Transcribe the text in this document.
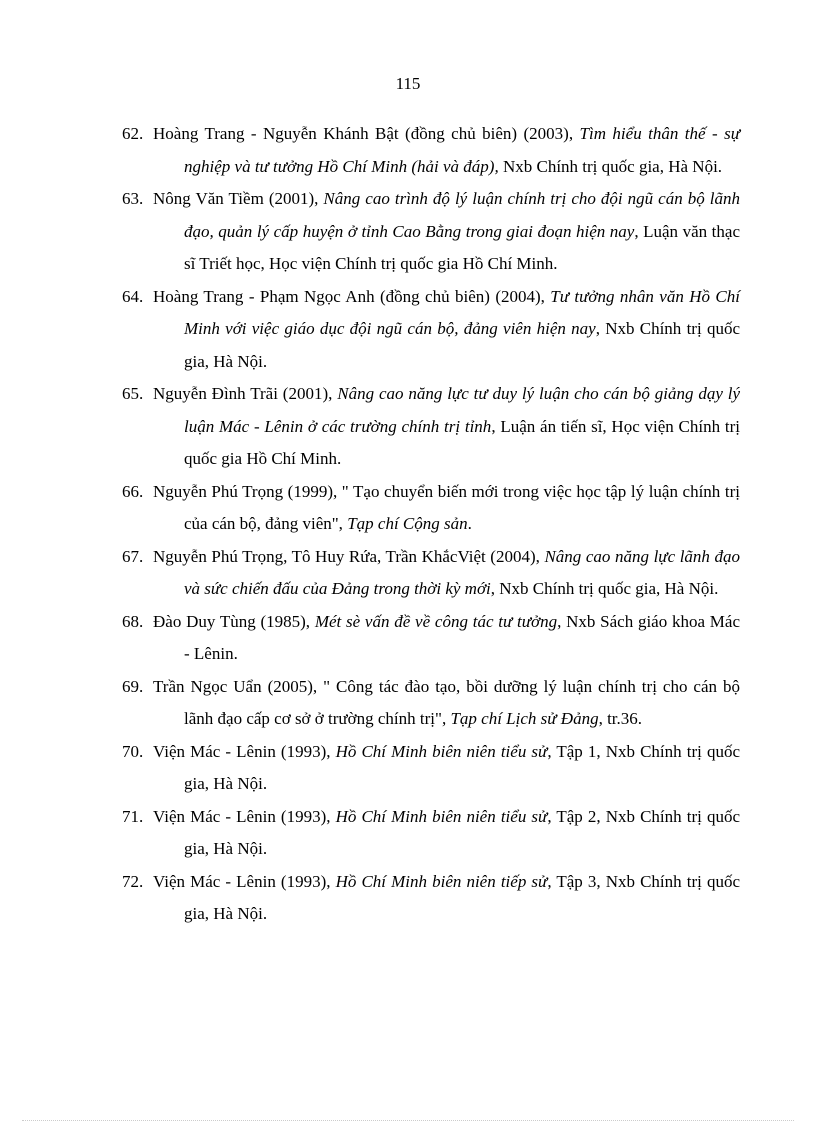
115
62. Hoàng Trang - Nguyễn Khánh Bật (đồng chủ biên) (2003), Tìm hiểu thân thế - sự nghiệp và tư tưởng Hồ Chí Minh (hải và đáp), Nxb Chính trị quốc gia, Hà Nội.
63. Nông Văn Tiềm (2001), Nâng cao trình độ lý luận chính trị cho đội ngũ cán bộ lãnh đạo, quản lý cấp huyện ở tỉnh Cao Bằng trong giai đoạn hiện nay, Luận văn thạc sĩ Triết học, Học viện Chính trị quốc gia Hồ Chí Minh.
64. Hoàng Trang - Phạm Ngọc Anh (đồng chủ biên) (2004), Tư tưởng nhân văn Hồ Chí Minh với việc giáo dục đội ngũ cán bộ, đảng viên hiện nay, Nxb Chính trị quốc gia, Hà Nội.
65. Nguyễn Đình Trãi (2001), Nâng cao năng lực tư duy lý luận cho cán bộ giảng dạy lý luận Mác - Lênin ở các trường chính trị tỉnh, Luận án tiến sĩ, Học viện Chính trị quốc gia Hồ Chí Minh.
66. Nguyễn Phú Trọng (1999), " Tạo chuyển biến mới trong việc học tập lý luận chính trị của cán bộ, đảng viên", Tạp chí Cộng sản.
67. Nguyễn Phú Trọng, Tô Huy Rứa, Trần KhắcViệt (2004), Nâng cao năng lực lãnh đạo và sức chiến đấu của Đảng trong thời kỳ mới, Nxb Chính trị quốc gia, Hà Nội.
68. Đào Duy Tùng (1985), Mét sè vấn đề về công tác tư tưởng, Nxb Sách giáo khoa Mác - Lênin.
69. Trần Ngọc Uẩn (2005), " Công tác đào tạo, bồi dưỡng lý luận chính trị cho cán bộ lãnh đạo cấp cơ sở ở trường chính trị", Tạp chí Lịch sử Đảng, tr.36.
70. Viện Mác - Lênin (1993), Hồ Chí Minh biên niên tiểu sử, Tập 1, Nxb Chính trị quốc gia, Hà Nội.
71. Viện Mác - Lênin (1993), Hồ Chí Minh biên niên tiểu sử, Tập 2, Nxb Chính trị quốc gia, Hà Nội.
72. Viện Mác - Lênin (1993), Hồ Chí Minh biên niên tiếp sử, Tập 3, Nxb Chính trị quốc gia, Hà Nội.
